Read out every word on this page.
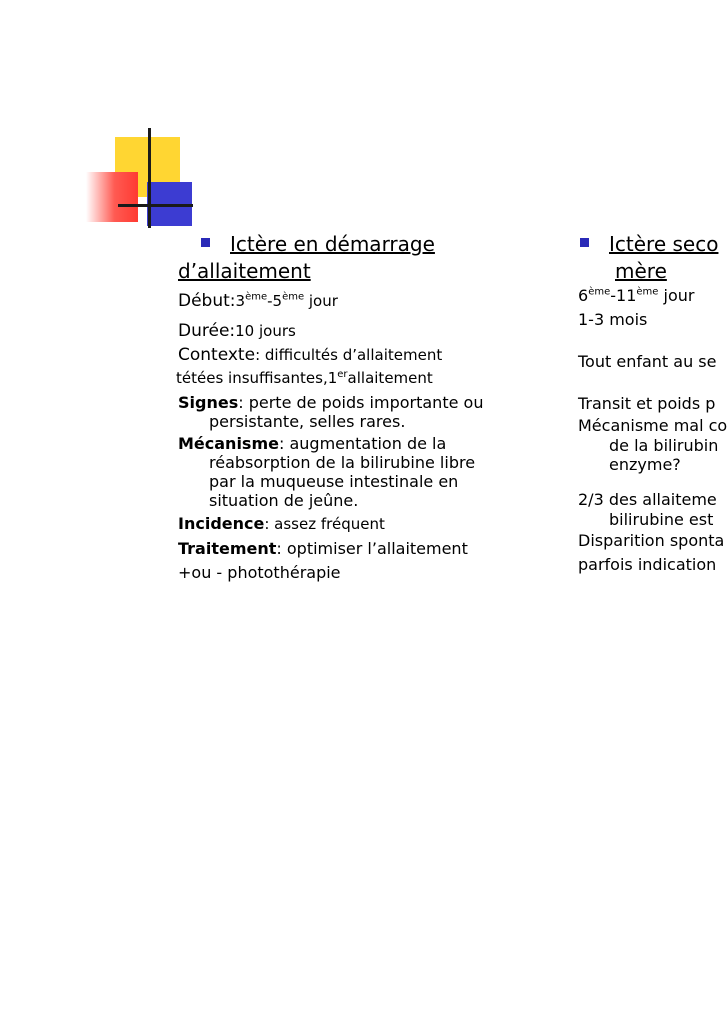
Ictère en démarrage
d’allaitement
Début:3ème-5ème jour
Durée:10 jours
Contexte: difficultés d’allaitement
tétées insuffisantes,1erallaitement
Signes: perte de poids importante ou
persistante, selles rares.
Mécanisme: augmentation de la
réabsorption de la bilirubine libre
par la muqueuse intestinale en
situation de jeûne.
Incidence: assez fréquent
Traitement: optimiser l’allaitement
+ou - photothérapie
Ictère seco
mère
6ème-11ème jour
1-3 mois
Tout enfant au se
Transit et poids p
Mécanisme mal co
de la bilirubin
enzyme?
2/3 des allaiteme
bilirubine est
Disparition sponta
parfois indication
